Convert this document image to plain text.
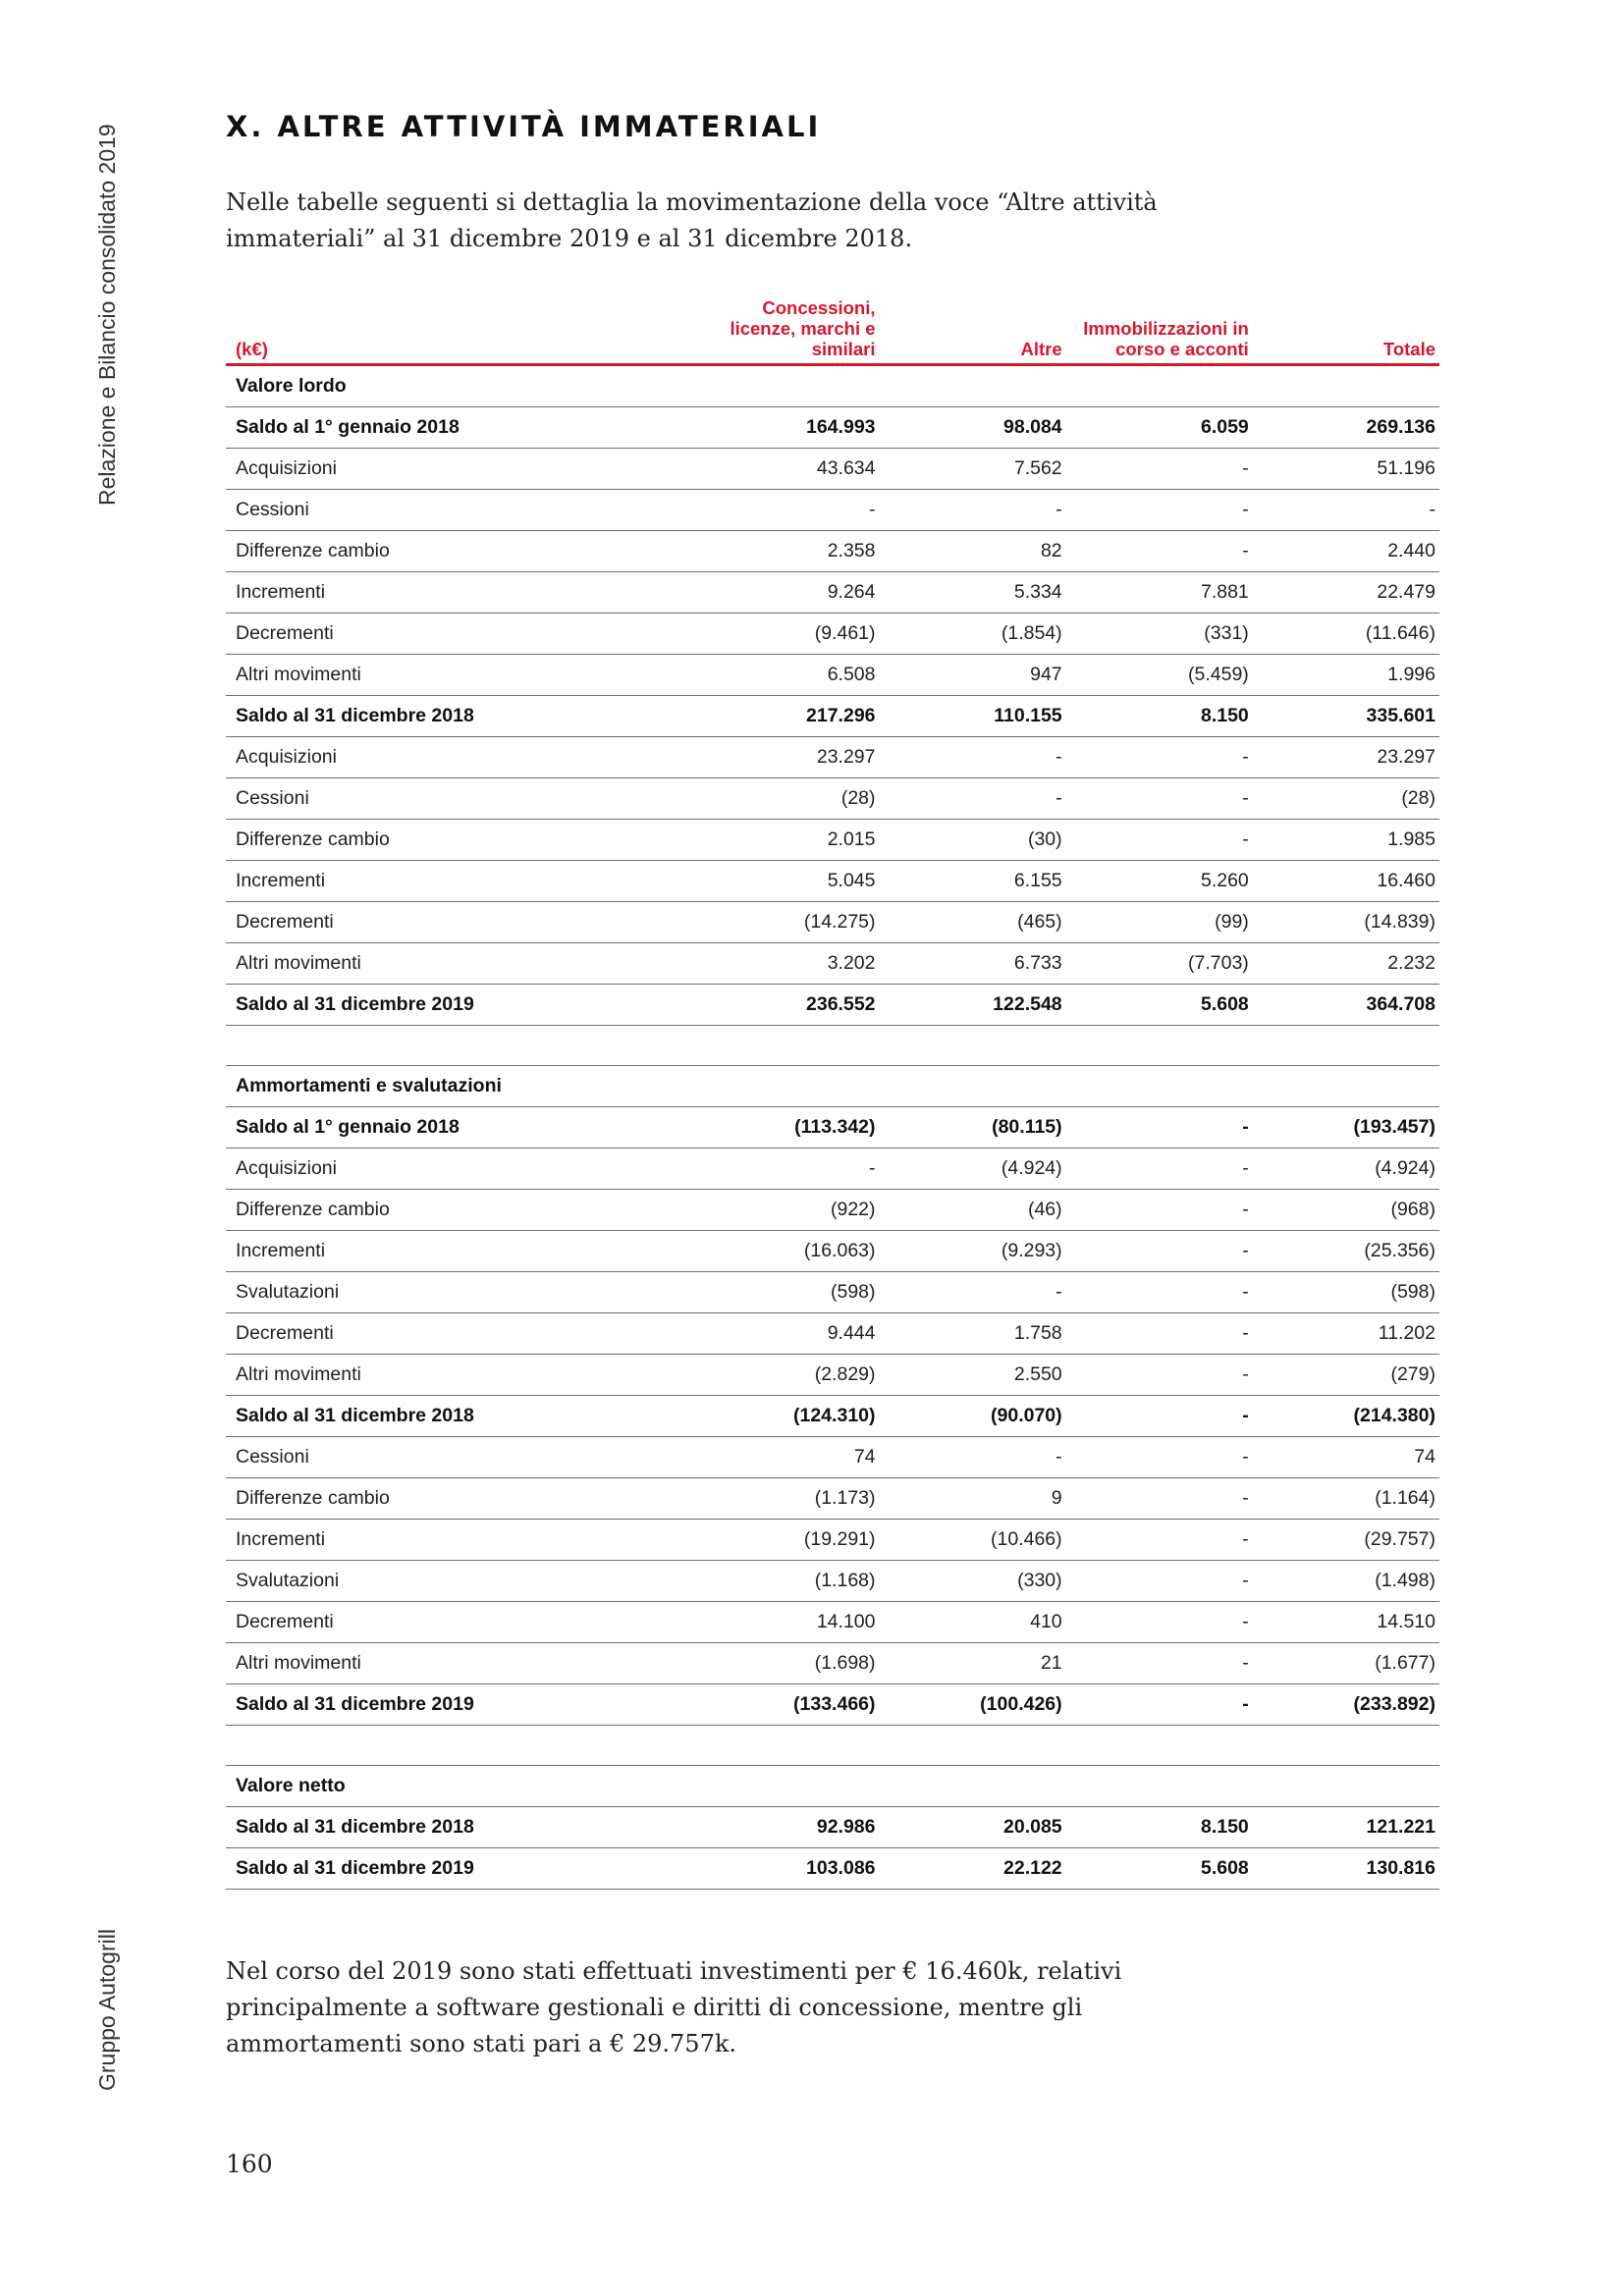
Relazione e Bilancio consolidato 2019
Gruppo Autogrill
X. ALTRE ATTIVITÀ IMMATERIALI

Nelle tabelle seguenti si dettaglia la movimentazione della voce “Altre attività immateriali” al 31 dicembre 2019 e al 31 dicembre 2018.

(k€)	Concessioni, licenze, marchi e similari	Altre	Immobilizzazioni in corso e acconti	Totale
Valore lordo				
Saldo al 1° gennaio 2018	164.993	98.084	6.059	269.136
Acquisizioni	43.634	7.562	-	51.196
Cessioni	-	-	-	-
Differenze cambio	2.358	82	-	2.440
Incrementi	9.264	5.334	7.881	22.479
Decrementi	(9.461)	(1.854)	(331)	(11.646)
Altri movimenti	6.508	947	(5.459)	1.996
Saldo al 31 dicembre 2018	217.296	110.155	8.150	335.601
Acquisizioni	23.297	-	-	23.297
Cessioni	(28)	-	-	(28)
Differenze cambio	2.015	(30)	-	1.985
Incrementi	5.045	6.155	5.260	16.460
Decrementi	(14.275)	(465)	(99)	(14.839)
Altri movimenti	3.202	6.733	(7.703)	2.232
Saldo al 31 dicembre 2019	236.552	122.548	5.608	364.708

Ammortamenti e svalutazioni				
Saldo al 1° gennaio 2018	(113.342)	(80.115)	-	(193.457)
Acquisizioni	-	(4.924)	-	(4.924)
Differenze cambio	(922)	(46)	-	(968)
Incrementi	(16.063)	(9.293)	-	(25.356)
Svalutazioni	(598)	-	-	(598)
Decrementi	9.444	1.758	-	11.202
Altri movimenti	(2.829)	2.550	-	(279)
Saldo al 31 dicembre 2018	(124.310)	(90.070)	-	(214.380)
Cessioni	74	-	-	74
Differenze cambio	(1.173)	9	-	(1.164)
Incrementi	(19.291)	(10.466)	-	(29.757)
Svalutazioni	(1.168)	(330)	-	(1.498)
Decrementi	14.100	410	-	14.510
Altri movimenti	(1.698)	21	-	(1.677)
Saldo al 31 dicembre 2019	(133.466)	(100.426)	-	(233.892)

Valore netto				
Saldo al 31 dicembre 2018	92.986	20.085	8.150	121.221
Saldo al 31 dicembre 2019	103.086	22.122	5.608	130.816

Nel corso del 2019 sono stati effettuati investimenti per € 16.460k, relativi principalmente a software gestionali e diritti di concessione, mentre gli ammortamenti sono stati pari a € 29.757k.

160
